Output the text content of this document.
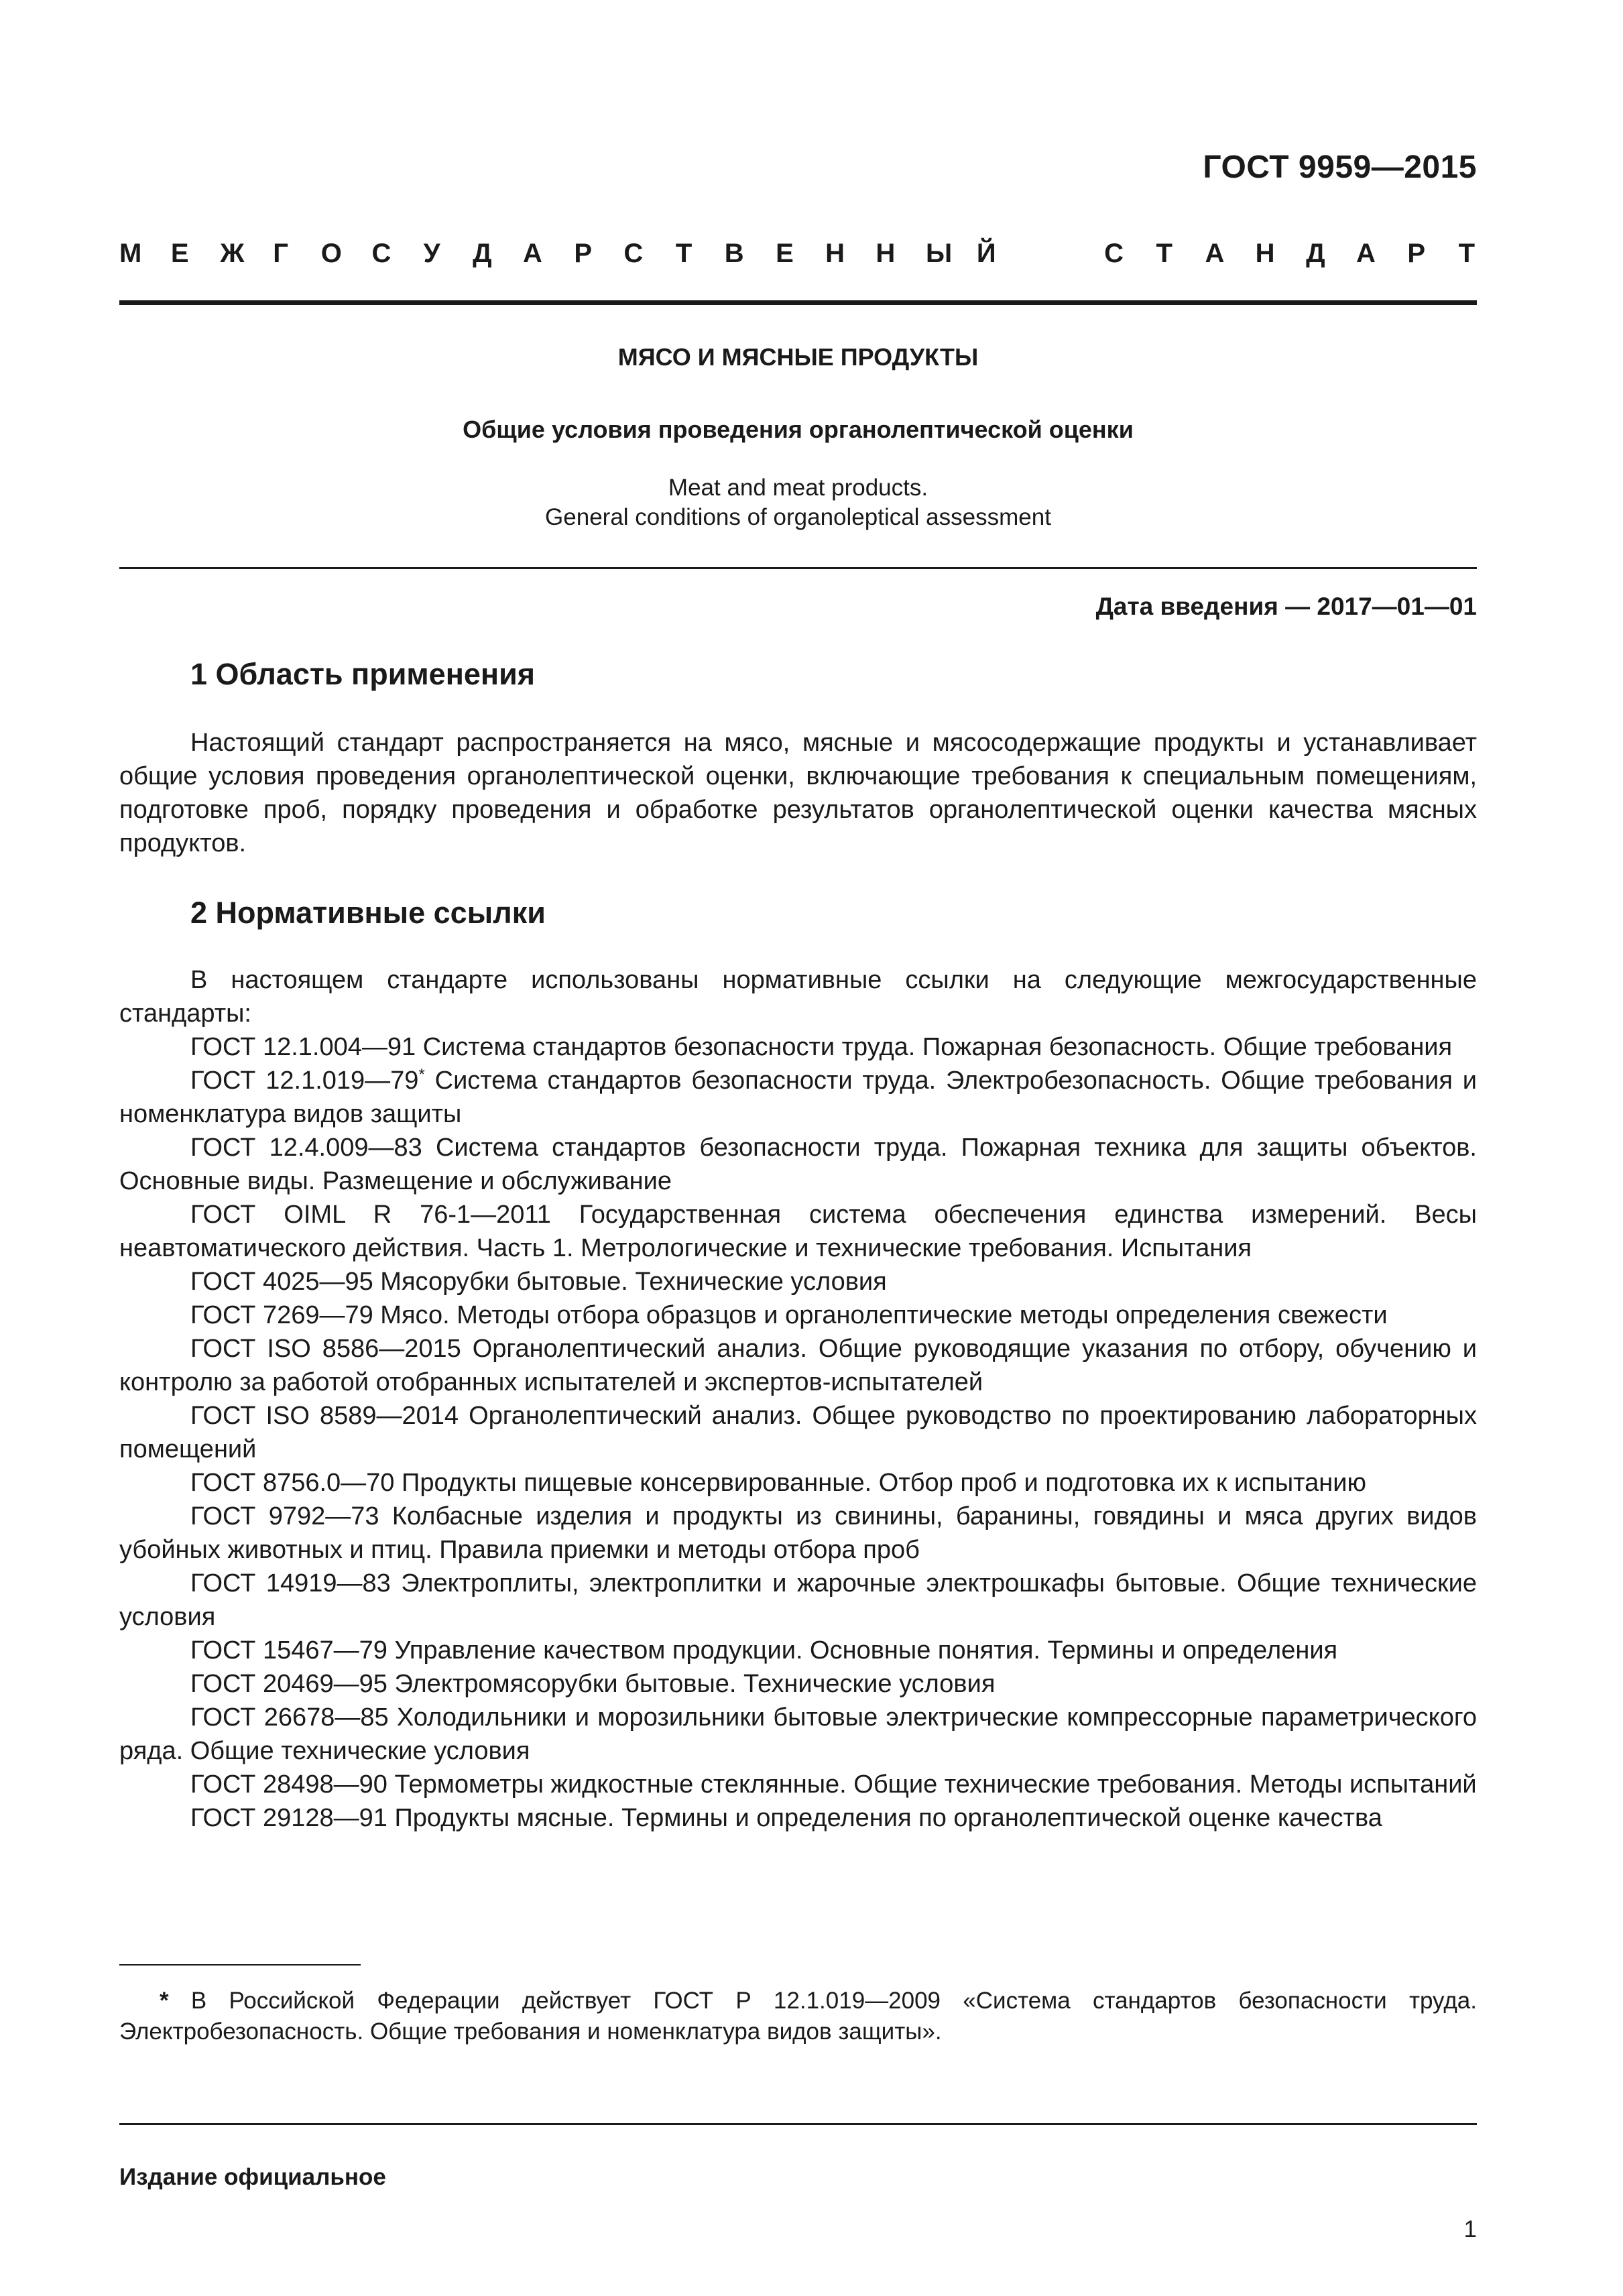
ГОСТ 9959—2015
М Е Ж Г О С У Д А Р С Т В Е Н Н Ы Й	С Т А Н Д А Р Т
МЯСО И МЯСНЫЕ ПРОДУКТЫ
Общие условия проведения органолептической оценки
Meat and meat products.
General conditions of organoleptical assessment
Дата введения — 2017—01—01
1 Область применения

Настоящий стандарт распространяется на мясо, мясные и мясосодержащие продукты и устанавливает общие условия проведения органолептической оценки, включающие требования к специальным помещениям, подготовке проб, порядку проведения и обработке результатов органолептической оценки качества мясных продуктов.

2 Нормативные ссылки

В настоящем стандарте использованы нормативные ссылки на следующие межгосударственные стандарты:

ГОСТ 12.1.004—91 Система стандартов безопасности труда. Пожарная безопасность. Общие требования
ГОСТ 12.1.019—79* Система стандартов безопасности труда. Электробезопасность. Общие требования и номенклатура видов защиты
ГОСТ 12.4.009—83 Система стандартов безопасности труда. Пожарная техника для защиты объектов. Основные виды. Размещение и обслуживание
ГОСТ OIML R 76-1—2011 Государственная система обеспечения единства измерений. Весы неавтоматического действия. Часть 1. Метрологические и технические требования. Испытания
ГОСТ 4025—95 Мясорубки бытовые. Технические условия
ГОСТ 7269—79 Мясо. Методы отбора образцов и органолептические методы определения свежести
ГОСТ ISO 8586—2015 Органолептический анализ. Общие руководящие указания по отбору, обучению и контролю за работой отобранных испытателей и экспертов-испытателей
ГОСТ ISO 8589—2014 Органолептический анализ. Общее руководство по проектированию лабораторных помещений
ГОСТ 8756.0—70 Продукты пищевые консервированные. Отбор проб и подготовка их к испытанию
ГОСТ 9792—73 Колбасные изделия и продукты из свинины, баранины, говядины и мяса других видов убойных животных и птиц. Правила приемки и методы отбора проб
ГОСТ 14919—83 Электроплиты, электроплитки и жарочные электрошкафы бытовые. Общие технические условия
ГОСТ 15467—79 Управление качеством продукции. Основные понятия. Термины и определения
ГОСТ 20469—95 Электромясорубки бытовые. Технические условия
ГОСТ 26678—85 Холодильники и морозильники бытовые электрические компрессорные параметрического ряда. Общие технические условия
ГОСТ 28498—90 Термометры жидкостные стеклянные. Общие технические требования. Методы испытаний
ГОСТ 29128—91 Продукты мясные. Термины и определения по органолептической оценке качества

* В Российской Федерации действует ГОСТ Р 12.1.019—2009 «Система стандартов безопасности труда. Электробезопасность. Общие требования и номенклатура видов защиты».

Издание официальное
1
